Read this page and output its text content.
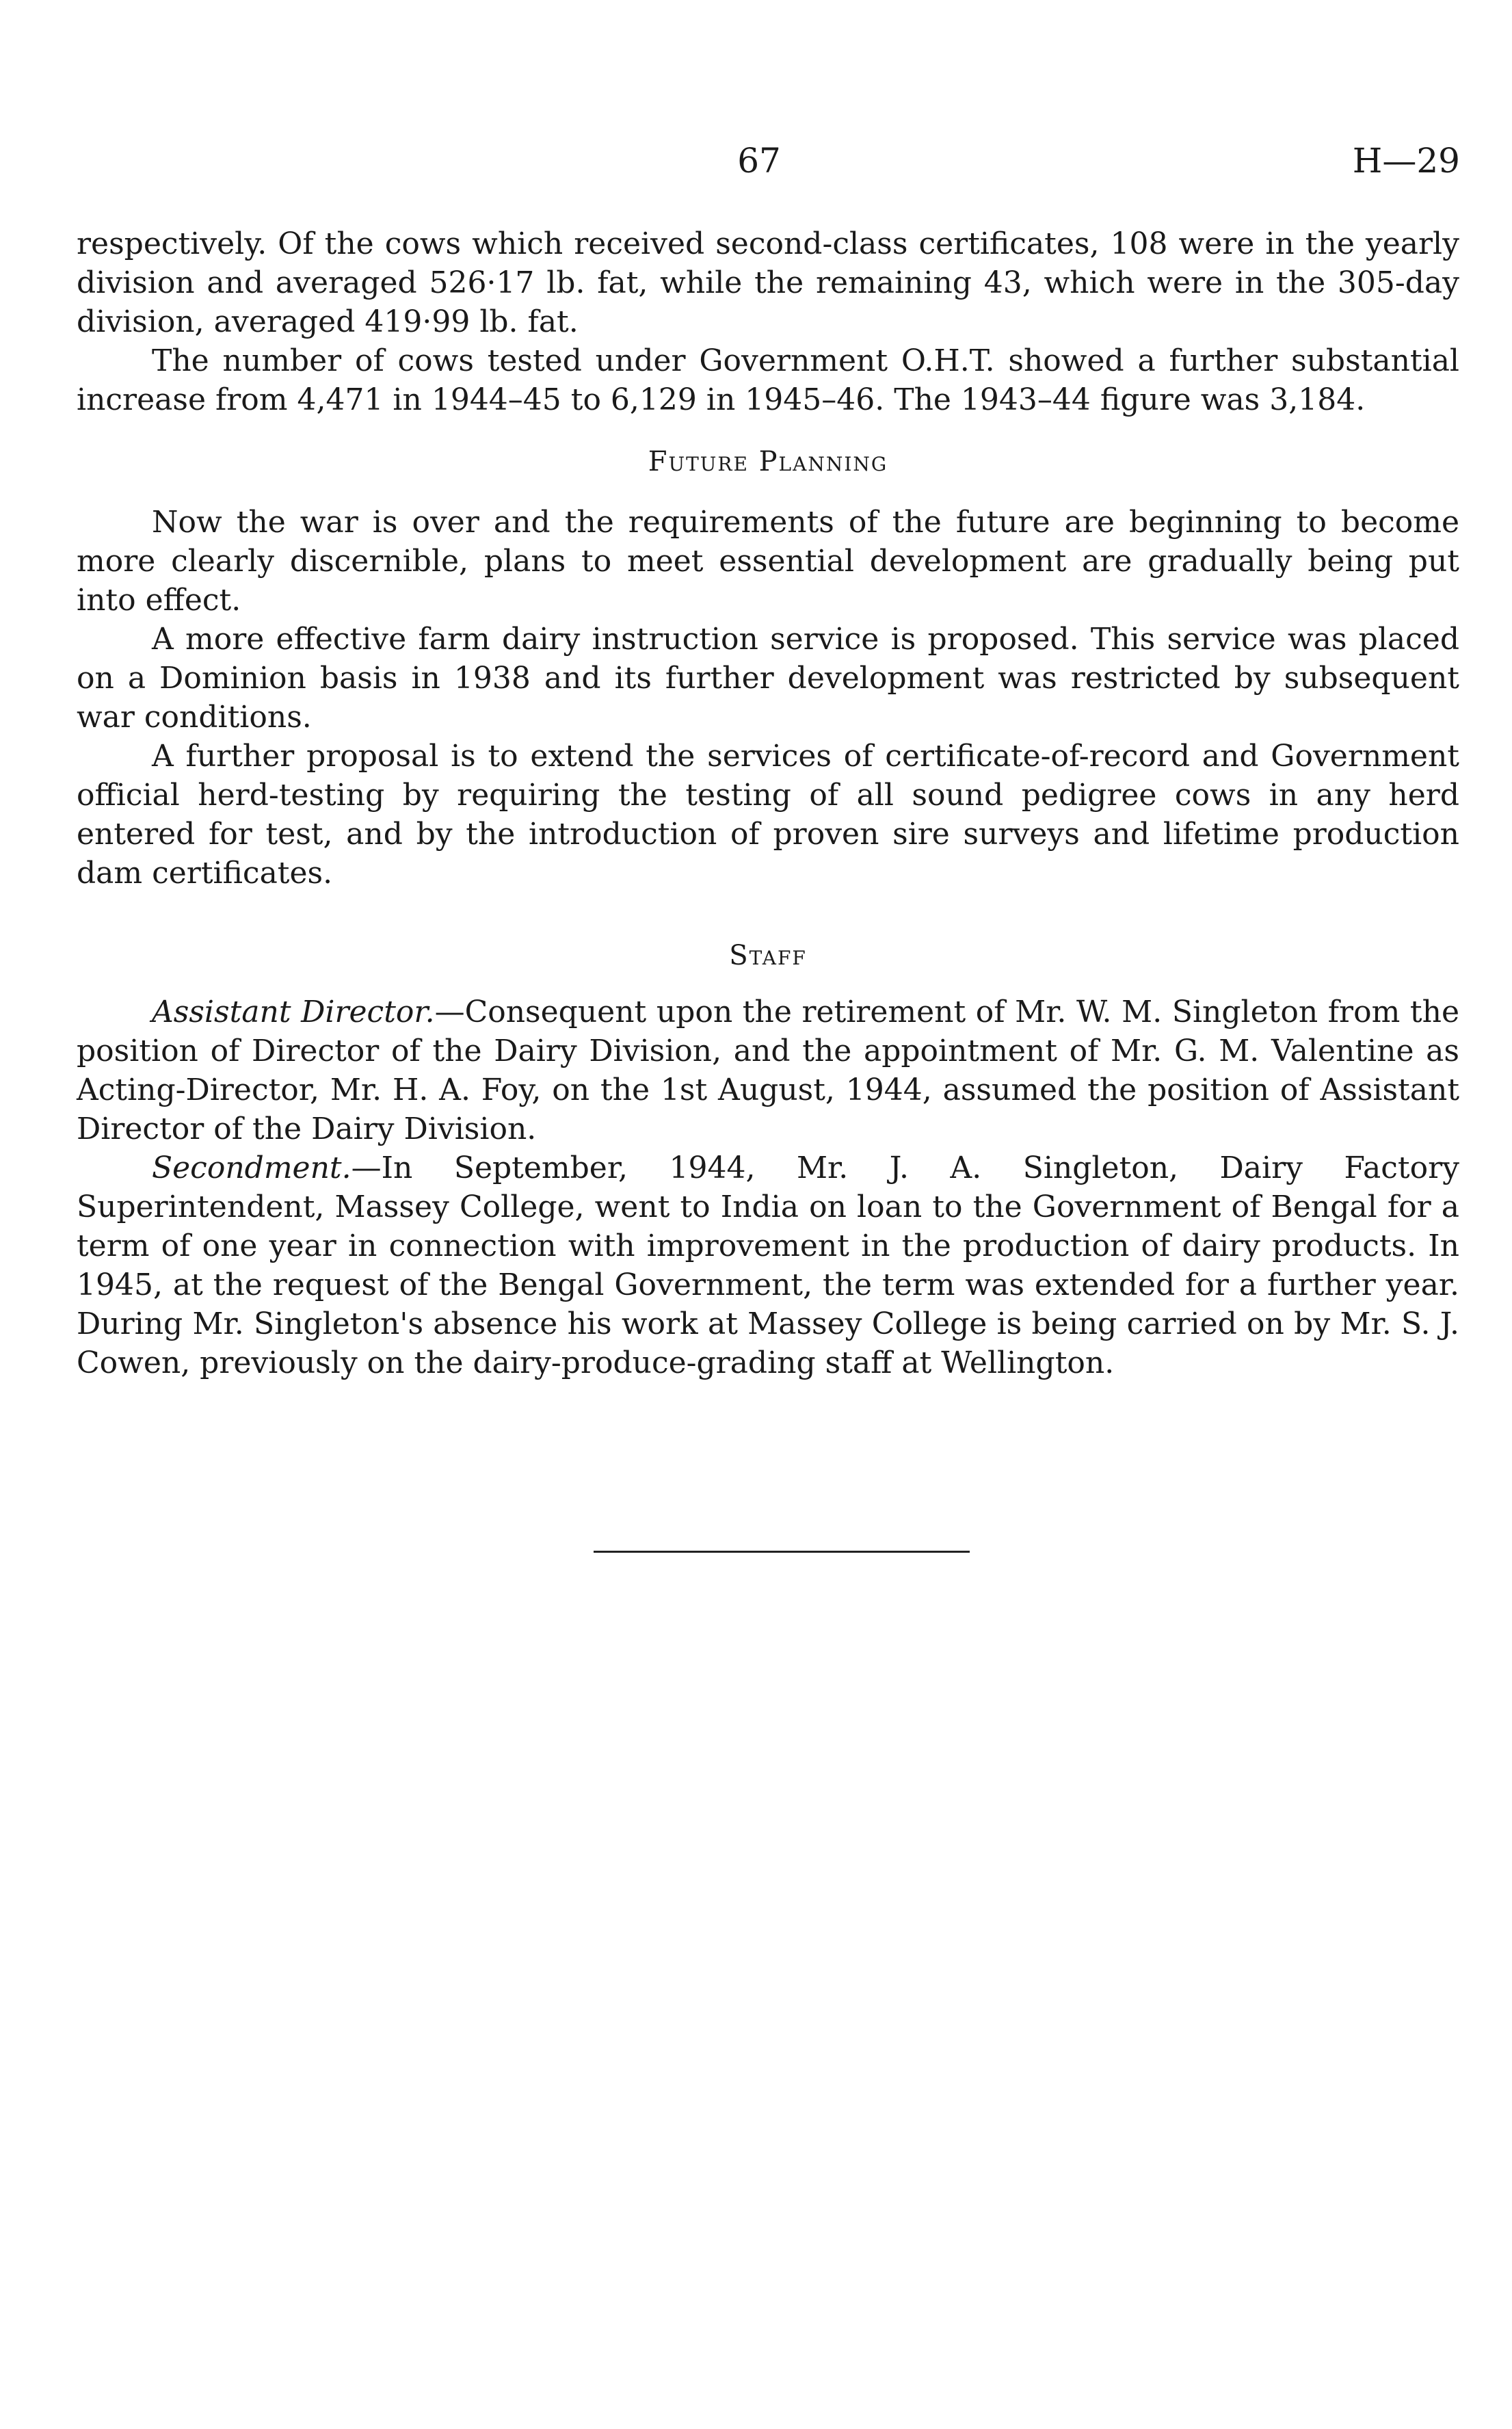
67	H—29

respectively. Of the cows which received second-class certificates, 108 were in the yearly division and averaged 526·17 lb. fat, while the remaining 43, which were in the 305-day division, averaged 419·99 lb. fat.

The number of cows tested under Government O.H.T. showed a further substantial increase from 4,471 in 1944–45 to 6,129 in 1945–46. The 1943–44 figure was 3,184.

Future Planning

Now the war is over and the requirements of the future are beginning to become more clearly discernible, plans to meet essential development are gradually being put into effect.

A more effective farm dairy instruction service is proposed. This service was placed on a Dominion basis in 1938 and its further development was restricted by subsequent war conditions.

A further proposal is to extend the services of certificate-of-record and Government official herd-testing by requiring the testing of all sound pedigree cows in any herd entered for test, and by the introduction of proven sire surveys and lifetime production dam certificates.

Staff

Assistant Director.—Consequent upon the retirement of Mr. W. M. Singleton from the position of Director of the Dairy Division, and the appointment of Mr. G. M. Valentine as Acting-Director, Mr. H. A. Foy, on the 1st August, 1944, assumed the position of Assistant Director of the Dairy Division.

Secondment.—In September, 1944, Mr. J. A. Singleton, Dairy Factory Superintendent, Massey College, went to India on loan to the Government of Bengal for a term of one year in connection with improvement in the production of dairy products. In 1945, at the request of the Bengal Government, the term was extended for a further year. During Mr. Singleton's absence his work at Massey College is being carried on by Mr. S. J. Cowen, previously on the dairy-produce-grading staff at Wellington.
